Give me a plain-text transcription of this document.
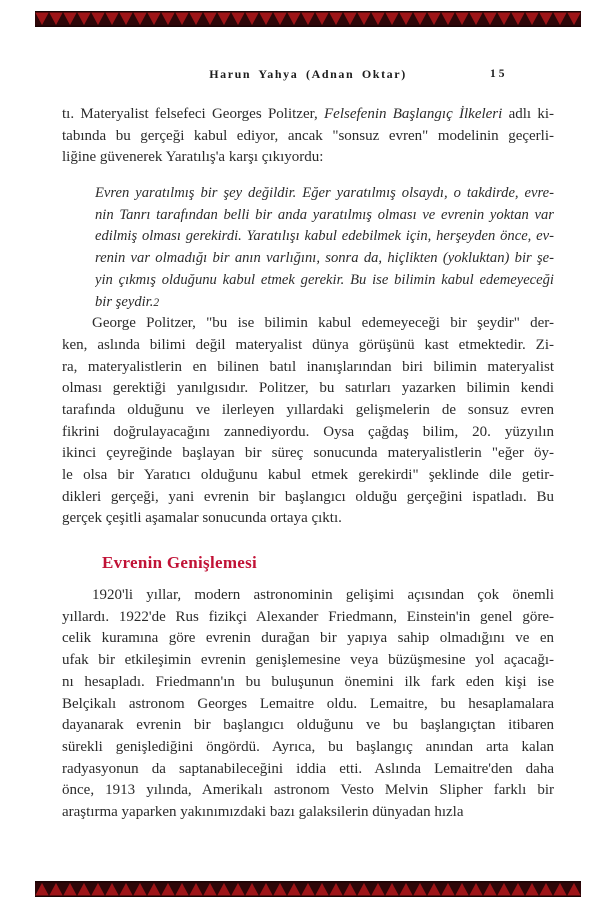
Harun Yahya (Adnan Oktar)	15
tı. Materyalist felsefeci Georges Politzer, Felsefenin Başlangıç İlkeleri adlı ki-
tabında bu gerçeği kabul ediyor, ancak "sonsuz evren" modelinin geçerli-
liğine güvenerek Yaratılış'a karşı çıkıyordu:
Evren yaratılmış bir şey değildir. Eğer yaratılmış olsaydı, o takdirde, evre-
nin Tanrı tarafından belli bir anda yaratılmış olması ve evrenin yoktan var
edilmiş olması gerekirdi. Yaratılışı kabul edebilmek için, herşeyden önce, ev-
renin var olmadığı bir anın varlığını, sonra da, hiçlikten (yokluktan) bir şe-
yin çıkmış olduğunu kabul etmek gerekir. Bu ise bilimin kabul edemeyeceği
bir şeydir.2
George Politzer, "bu ise bilimin kabul edemeyeceği bir şeydir" der-
ken, aslında bilimi değil materyalist dünya görüşünü kast etmektedir. Zi-
ra, materyalistlerin en bilinen batıl inanışlarından biri bilimin materyalist
olması gerektiği yanılgısıdır. Politzer, bu satırları yazarken bilimin kendi
tarafında olduğunu ve ilerleyen yıllardaki gelişmelerin de sonsuz evren
fikrini doğrulayacağını zannediyordu. Oysa çağdaş bilim, 20. yüzyılın
ikinci çeyreğinde başlayan bir süreç sonucunda materyalistlerin "eğer öy-
le olsa bir Yaratıcı olduğunu kabul etmek gerekirdi" şeklinde dile getir-
dikleri gerçeği, yani evrenin bir başlangıcı olduğu gerçeğini ispatladı. Bu
gerçek çeşitli aşamalar sonucunda ortaya çıktı.
Evrenin Genişlemesi
1920'li yıllar, modern astronominin gelişimi açısından çok önemli
yıllardı. 1922'de Rus fizikçi Alexander Friedmann, Einstein'in genel göre-
celik kuramına göre evrenin durağan bir yapıya sahip olmadığını ve en
ufak bir etkileşimin evrenin genişlemesine veya büzüşmesine yol açacağı-
nı hesapladı. Friedmann'ın bu buluşunun önemini ilk fark eden kişi ise
Belçikalı astronom Georges Lemaitre oldu. Lemaitre, bu hesaplamalara
dayanarak evrenin bir başlangıcı olduğunu ve bu başlangıçtan itibaren
sürekli genişlediğini öngördü. Ayrıca, bu başlangıç anından arta kalan
radyasyonun da saptanabileceğini iddia etti. Aslında Lemaitre'den daha
önce, 1913 yılında, Amerikalı astronom Vesto Melvin Slipher farklı bir
araştırma yaparken yakınımızdaki bazı galaksilerin dünyadan hızla
